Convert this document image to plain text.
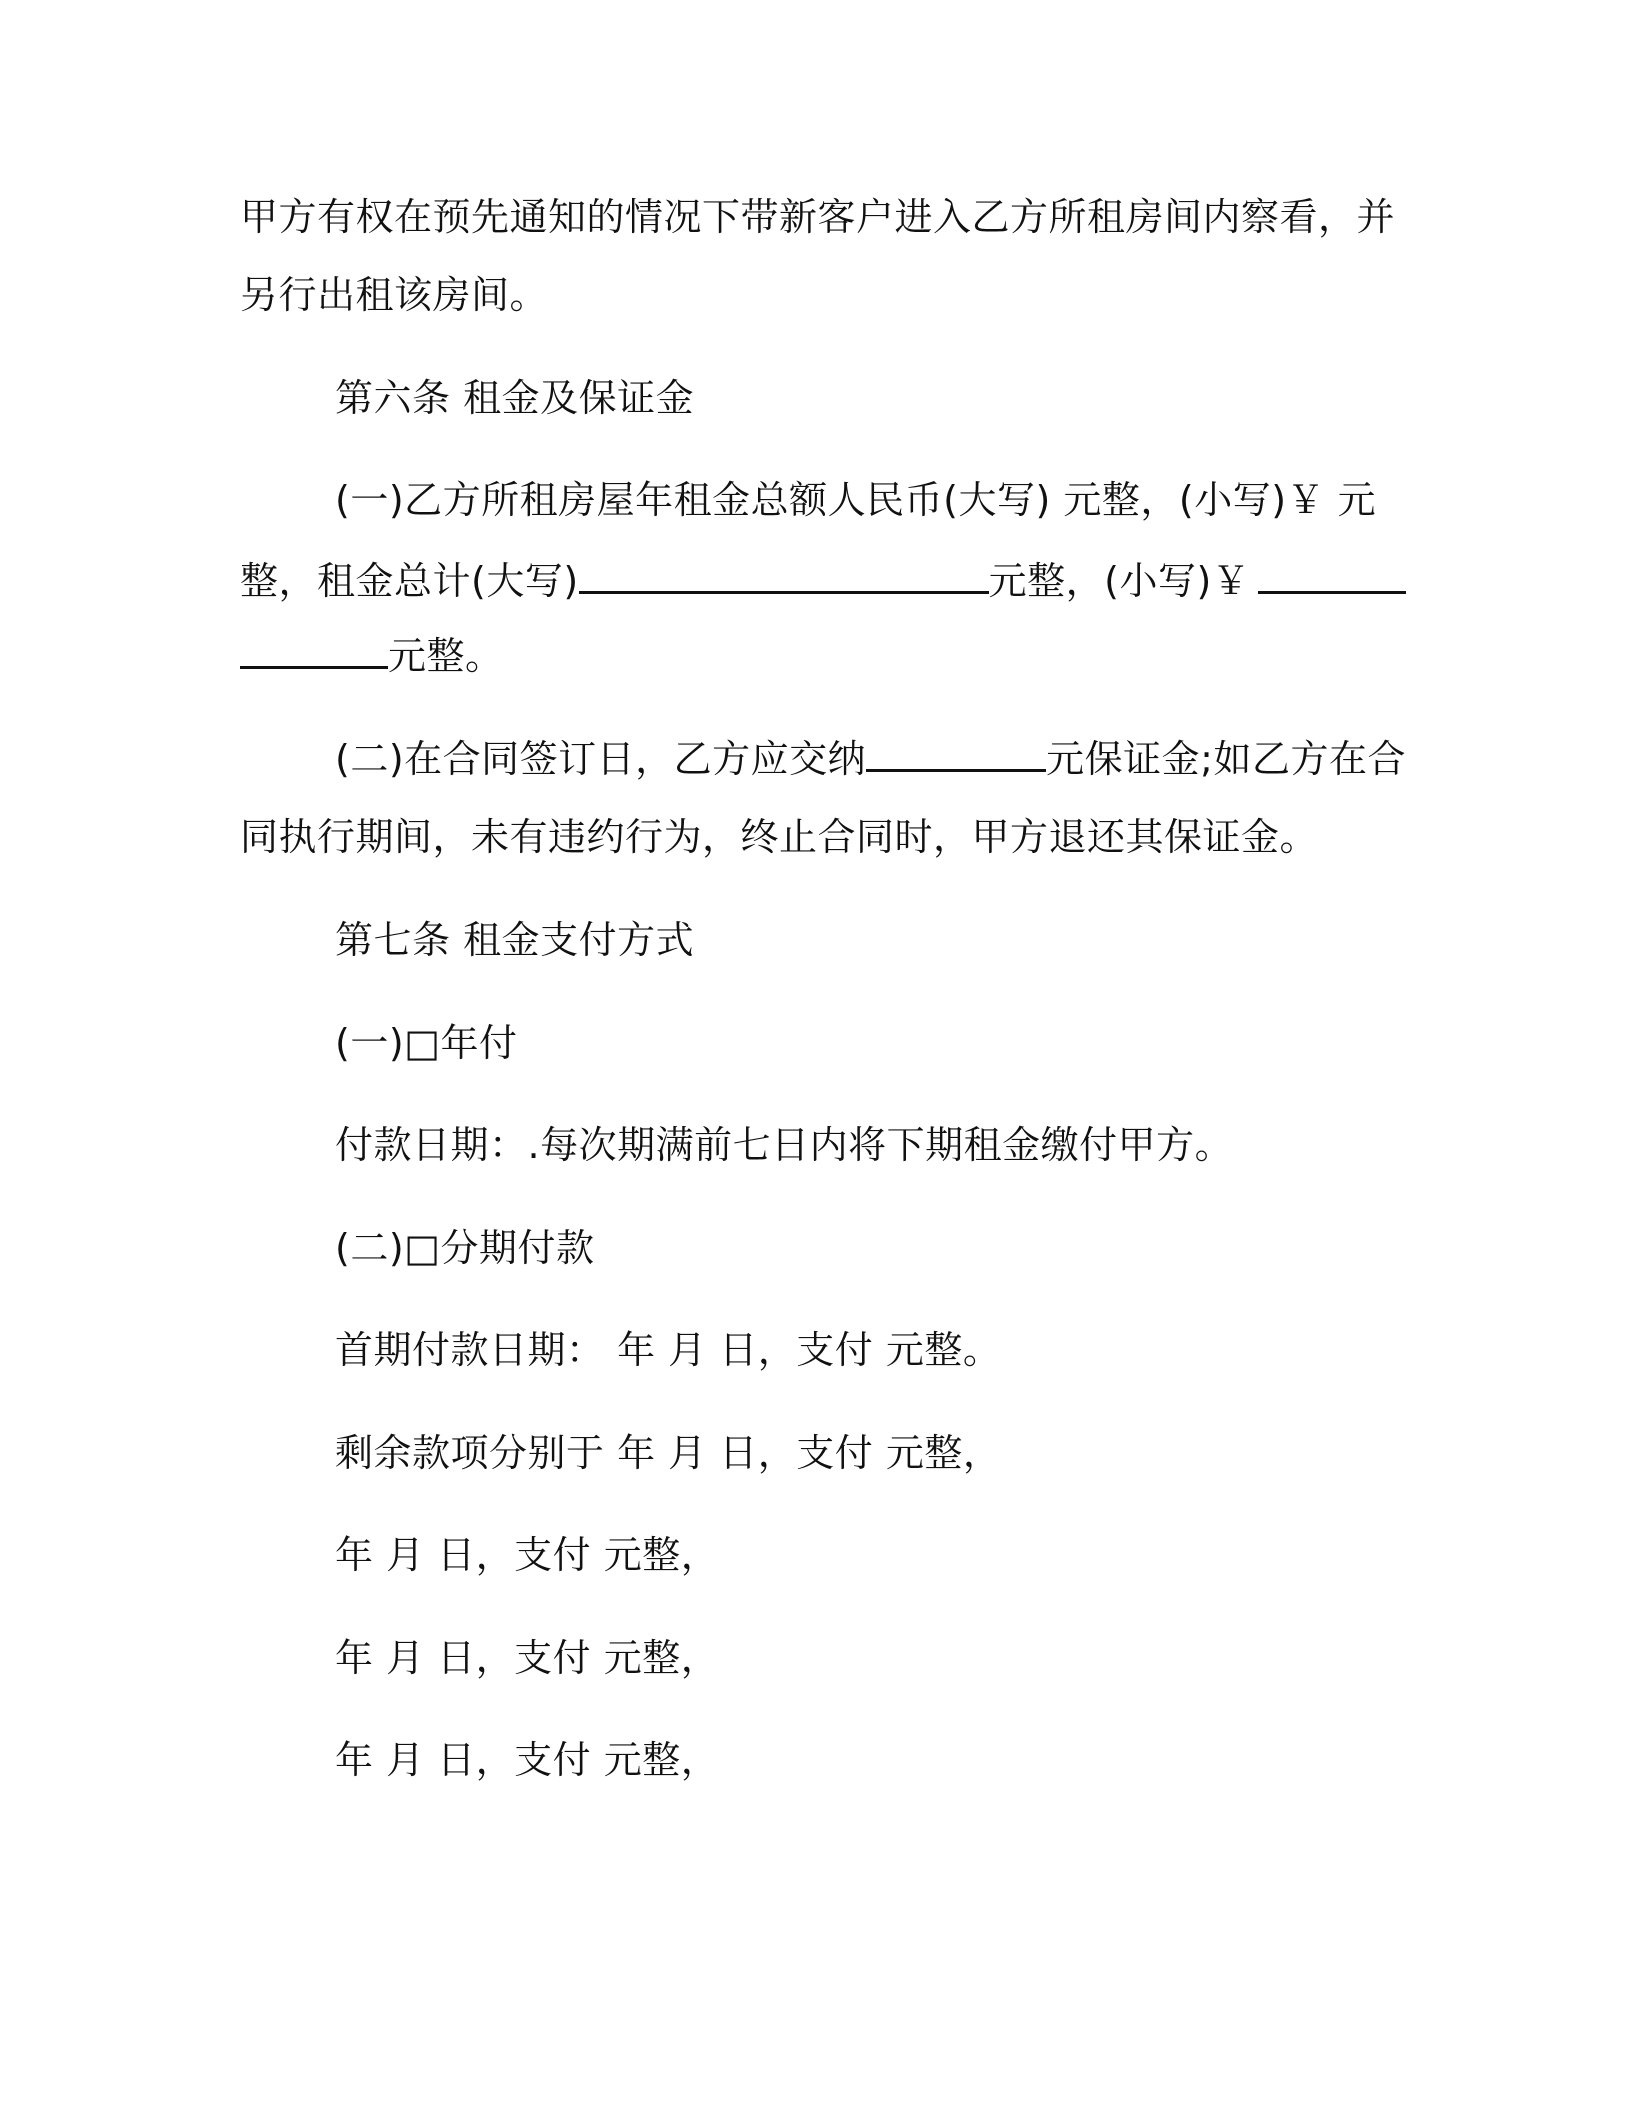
甲方有权在预先通知的情况下带新客户进入乙方所租房间内察看，并
另行出租该房间。
第六条 租金及保证金
(一)乙方所租房屋年租金总额人民币(大写) 元整，(小写)￥ 元
整，租金总计(大写)	元整，(小写)￥
元整。
(二)在合同签订日，乙方应交纳	元保证金;如乙方在合
同执行期间，未有违约行为，终止合同时，甲方退还其保证金。
第七条 租金支付方式
(一)□年付
付款日期：.每次期满前七日内将下期租金缴付甲方。
(二)□分期付款
首期付款日期： 年 月 日，支付 元整。
剩余款项分别于 年 月 日，支付 元整，
年 月 日，支付 元整，
年 月 日，支付 元整，
年 月 日，支付 元整，
